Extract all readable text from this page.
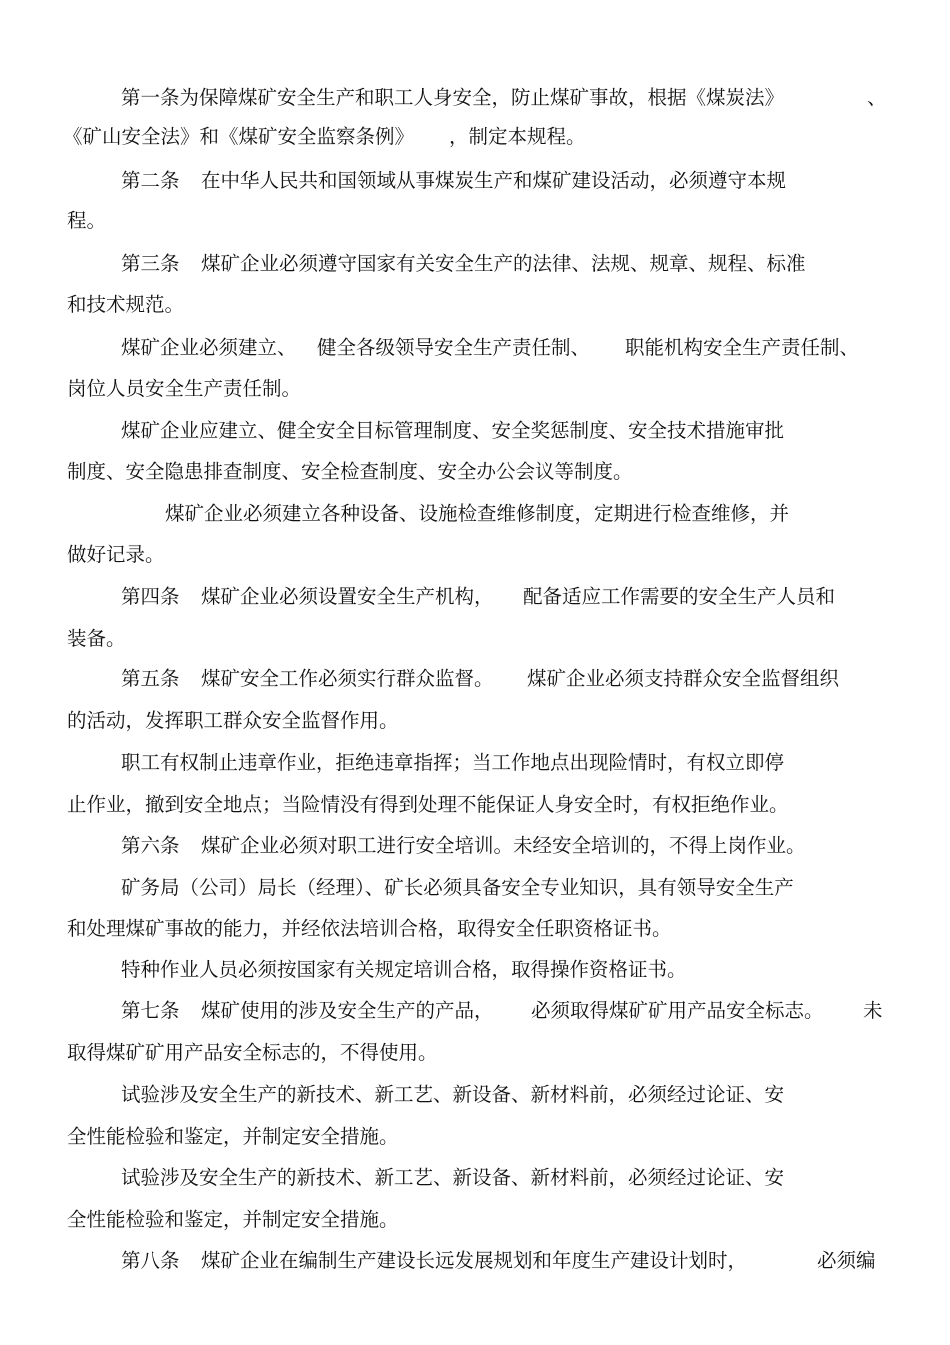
第一条为保障煤矿安全生产和职工人身安全，防止煤矿事故，根据《煤炭法》	、
《矿山安全法》和《煤矿安全监察条例》 ，制定本规程。
第二条 在中华人民共和国领域从事煤炭生产和煤矿建设活动，必须遵守本规
程。
第三条 煤矿企业必须遵守国家有关安全生产的法律、法规、规章、规程、标准
和技术规范。
煤矿企业必须建立、 健全各级领导安全生产责任制、 职能机构安全生产责任制、
岗位人员安全生产责任制。
煤矿企业应建立、健全安全目标管理制度、安全奖惩制度、安全技术措施审批
制度、安全隐患排查制度、安全检查制度、安全办公会议等制度。
煤矿企业必须建立各种设备、设施检查维修制度，定期进行检查维修，并
做好记录。
第四条 煤矿企业必须设置安全生产机构， 配备适应工作需要的安全生产人员和
装备。
第五条 煤矿安全工作必须实行群众监督。 煤矿企业必须支持群众安全监督组织
的活动，发挥职工群众安全监督作用。
职工有权制止违章作业，拒绝违章指挥；当工作地点出现险情时，有权立即停
止作业，撤到安全地点；当险情没有得到处理不能保证人身安全时，有权拒绝作业。
第六条 煤矿企业必须对职工进行安全培训。未经安全培训的，不得上岗作业。
矿务局（公司）局长（经理）、矿长必须具备安全专业知识，具有领导安全生产
和处理煤矿事故的能力，并经依法培训合格，取得安全任职资格证书。
特种作业人员必须按国家有关规定培训合格，取得操作资格证书。
第七条 煤矿使用的涉及安全生产的产品， 必须取得煤矿矿用产品安全标志。 未
取得煤矿矿用产品安全标志的，不得使用。
试验涉及安全生产的新技术、新工艺、新设备、新材料前，必须经过论证、安
全性能检验和鉴定，并制定安全措施。
试验涉及安全生产的新技术、新工艺、新设备、新材料前，必须经过论证、安
全性能检验和鉴定，并制定安全措施。
第八条 煤矿企业在编制生产建设长远发展规划和年度生产建设计划时，	必须编
